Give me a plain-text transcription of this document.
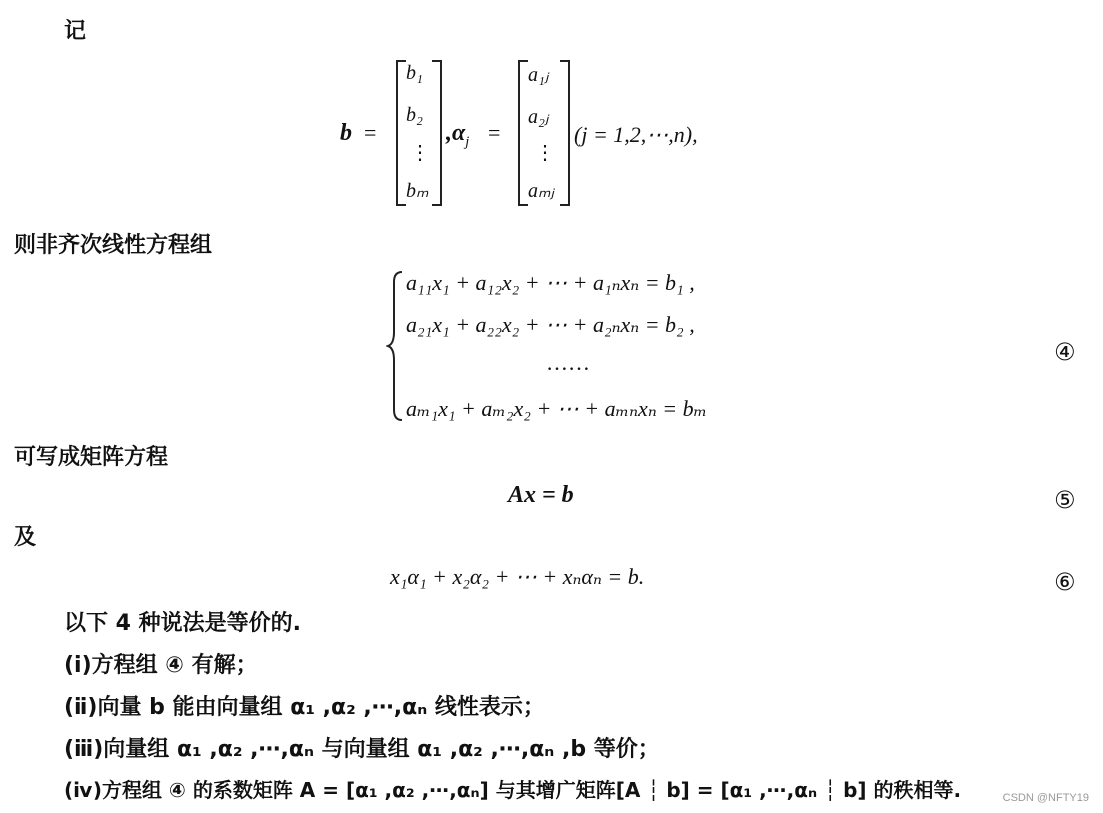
记
b =
b₁
b₂
⋮
bₘ
$,\alpha_j$ =
a₁ⱼ
a₂ⱼ
⋮
aₘⱼ
(j = 1,2,⋯,n),
则非齐次线性方程组
a₁₁x₁ + a₁₂x₂ + ⋯ + a₁ₙxₙ = b₁ ,
a₂₁x₁ + a₂₂x₂ + ⋯ + a₂ₙxₙ = b₂ ,
……
aₘ₁x₁ + aₘ₂x₂ + ⋯ + aₘₙxₙ = bₘ
④
可写成矩阵方程
Ax = b	⑤
及
x₁α₁ + x₂α₂ + ⋯ + xₙαₙ = b.	⑥
以下 4 种说法是等价的.
(ⅰ)方程组 ④ 有解；
(ⅱ)向量 b 能由向量组 α₁ ,α₂ ,⋯,αₙ 线性表示；
(ⅲ)向量组 α₁ ,α₂ ,⋯,αₙ 与向量组 α₁ ,α₂ ,⋯,αₙ ,b 等价；
(ⅳ)方程组 ④ 的系数矩阵 A = [α₁ ,α₂ ,⋯,αₙ] 与其增广矩阵[A ┆ b] = [α₁ ,⋯,αₙ ┆ b] 的秩相等.	CSDN @NFTY19
